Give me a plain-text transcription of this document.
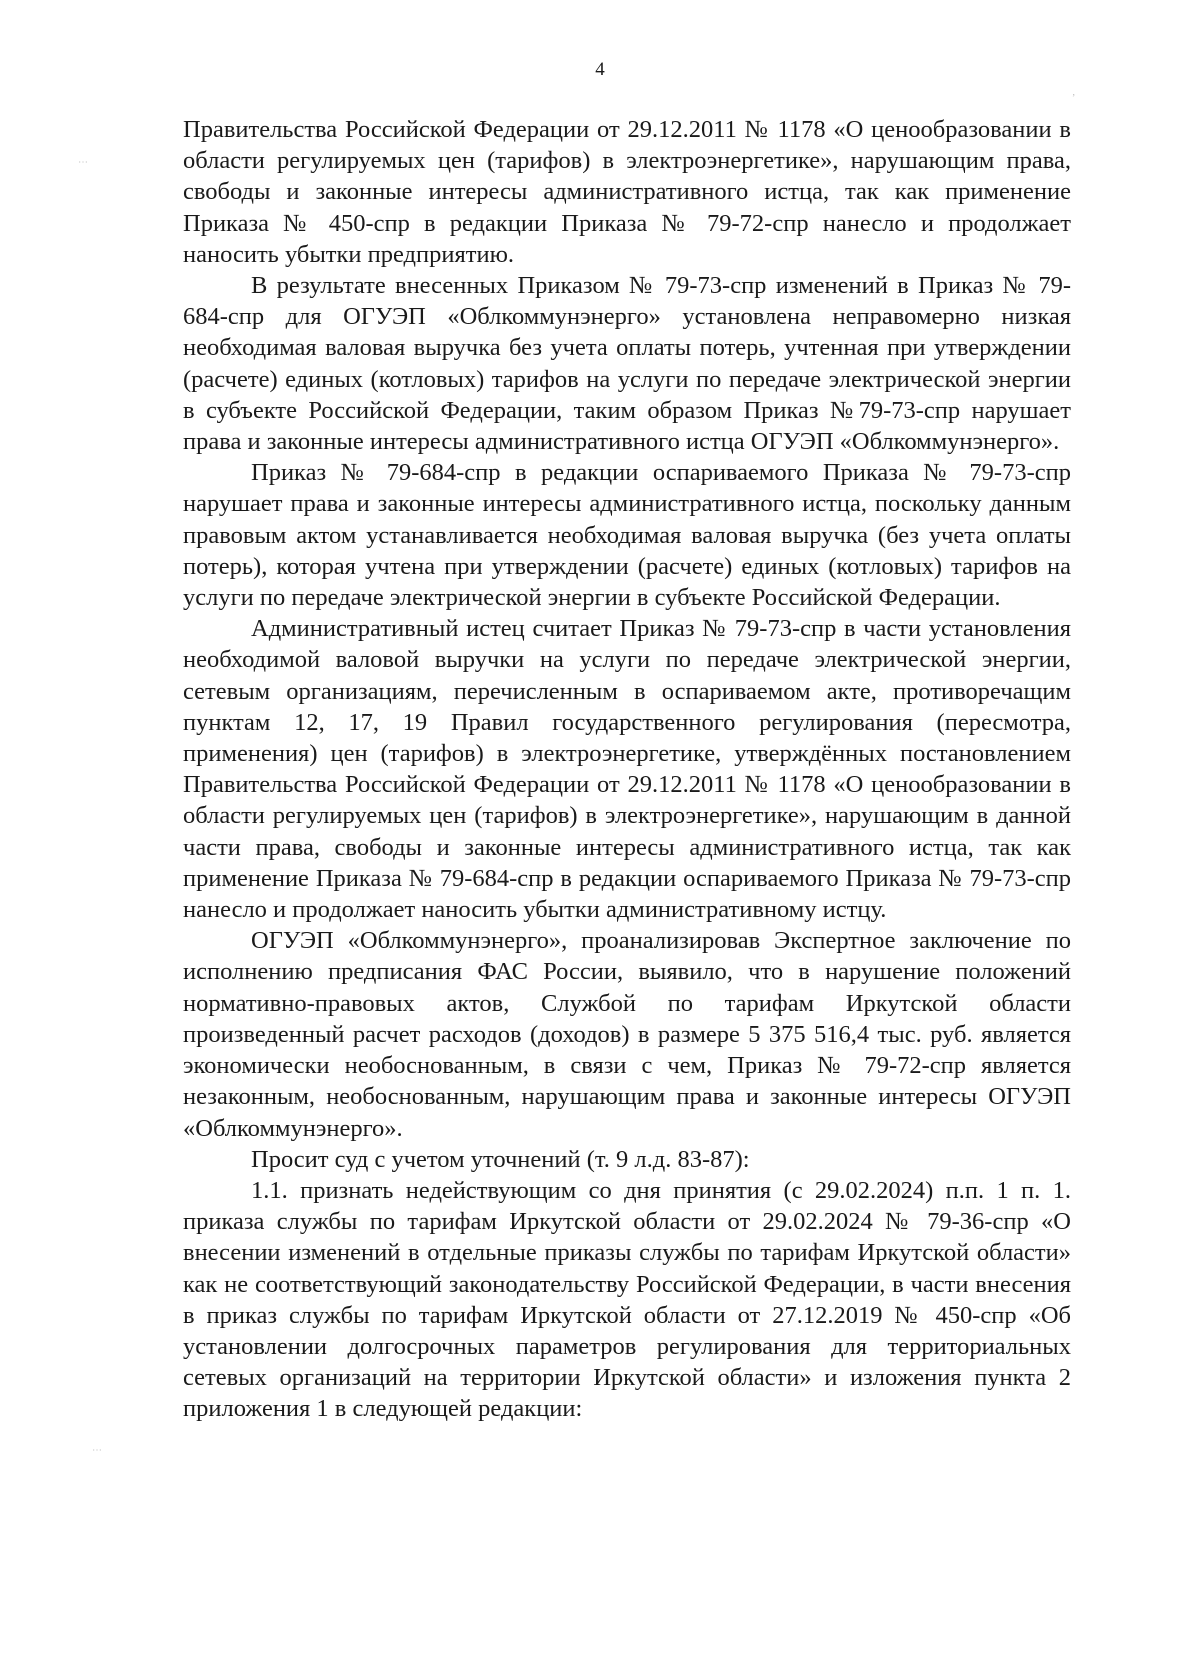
4

Правительства Российской Федерации от 29.12.2011 № 1178 «О ценообразовании в области регулируемых цен (тарифов) в электроэнергетике», нарушающим права, свободы и законные интересы административного истца, так как применение Приказа № 450-спр в редакции Приказа № 79-72-спр нанесло и продолжает наносить убытки предприятию.

В результате внесенных Приказом № 79-73-спр изменений в Приказ № 79-684-спр для ОГУЭП «Облкоммунэнерго» установлена неправомерно низкая необходимая валовая выручка без учета оплаты потерь, учтенная при утверждении (расчете) единых (котловых) тарифов на услуги по передаче электрической энергии в субъекте Российской Федерации, таким образом Приказ №79-73-спр нарушает права и законные интересы административного истца ОГУЭП «Облкоммунэнерго».

Приказ № 79-684-спр в редакции оспариваемого Приказа № 79-73-спр нарушает права и законные интересы административного истца, поскольку данным правовым актом устанавливается необходимая валовая выручка (без учета оплаты потерь), которая учтена при утверждении (расчете) единых (котловых) тарифов на услуги по передаче электрической энергии в субъекте Российской Федерации.

Административный истец считает Приказ № 79-73-спр в части установления необходимой валовой выручки на услуги по передаче электрической энергии, сетевым организациям, перечисленным в оспариваемом акте, противоречащим пунктам 12, 17, 19 Правил государственного регулирования (пересмотра, применения) цен (тарифов) в электроэнергетике, утверждённых постановлением Правительства Российской Федерации от 29.12.2011 № 1178 «О ценообразовании в области регулируемых цен (тарифов) в электроэнергетике», нарушающим в данной части права, свободы и законные интересы административного истца, так как применение Приказа № 79-684-спр в редакции оспариваемого Приказа № 79-73-спр нанесло и продолжает наносить убытки административному истцу.

ОГУЭП «Облкоммунэнерго», проанализировав Экспертное заключение по исполнению предписания ФАС России, выявило, что в нарушение положений нормативно-правовых актов, Службой по тарифам Иркутской области произведенный расчет расходов (доходов) в размере 5 375 516,4 тыс. руб. является экономически необоснованным, в связи с чем, Приказ № 79-72-спр является незаконным, необоснованным, нарушающим права и законные интересы ОГУЭП «Облкоммунэнерго».

Просит суд с учетом уточнений (т. 9 л.д. 83-87):

1.1. признать недействующим со дня принятия (с 29.02.2024) п.п. 1 п. 1. приказа службы по тарифам Иркутской области от 29.02.2024 № 79-36-спр «О внесении изменений в отдельные приказы службы по тарифам Иркутской области» как не соответствующий законодательству Российской Федерации, в части внесения в приказ службы по тарифам Иркутской области от 27.12.2019 № 450-спр «Об установлении долгосрочных параметров регулирования для территориальных сетевых организаций на территории Иркутской области» и изложения пункта 2 приложения 1 в следующей редакции:

‚
⋯
⋯
